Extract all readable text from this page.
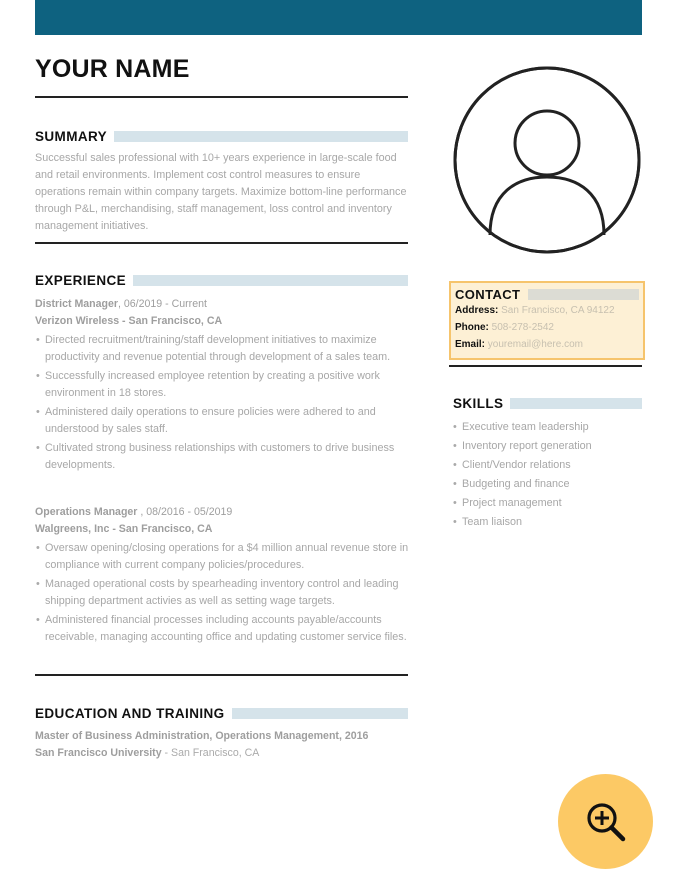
YOUR NAME
SUMMARY
Successful sales professional with 10+ years experience in large-scale food and retail environments. Implement cost control measures to ensure operations remain within company targets. Maximize bottom-line performance through P&L, merchandising, staff management, loss control and inventory management initiatives.
EXPERIENCE
District Manager, 06/2019 - Current
Verizon Wireless - San Francisco, CA
• Directed recruitment/training/staff development initiatives to maximize productivity and revenue potential through development of a sales team.
• Successfully increased employee retention by creating a positive work environment in 18 stores.
• Administered daily operations to ensure policies were adhered to and understood by sales staff.
• Cultivated strong business relationships with customers to drive business developments.
Operations Manager , 08/2016 - 05/2019
Walgreens, Inc - San Francisco, CA
• Oversaw opening/closing operations for a $4 million annual revenue store in compliance with current company policies/procedures.
• Managed operational costs by spearheading inventory control and leading shipping department activies as well as setting wage targets.
• Administered financial processes including accounts payable/accounts receivable, managing accounting office and updating customer service files.
EDUCATION AND TRAINING
Master of Business Administration, Operations Management, 2016
San Francisco University - San Francisco, CA
CONTACT
Address: San Francisco, CA 94122
Phone: 508-278-2542
Email: youremail@here.com
SKILLS
• Executive team leadership
• Inventory report generation
• Client/Vendor relations
• Budgeting and finance
• Project management
• Team liaison
